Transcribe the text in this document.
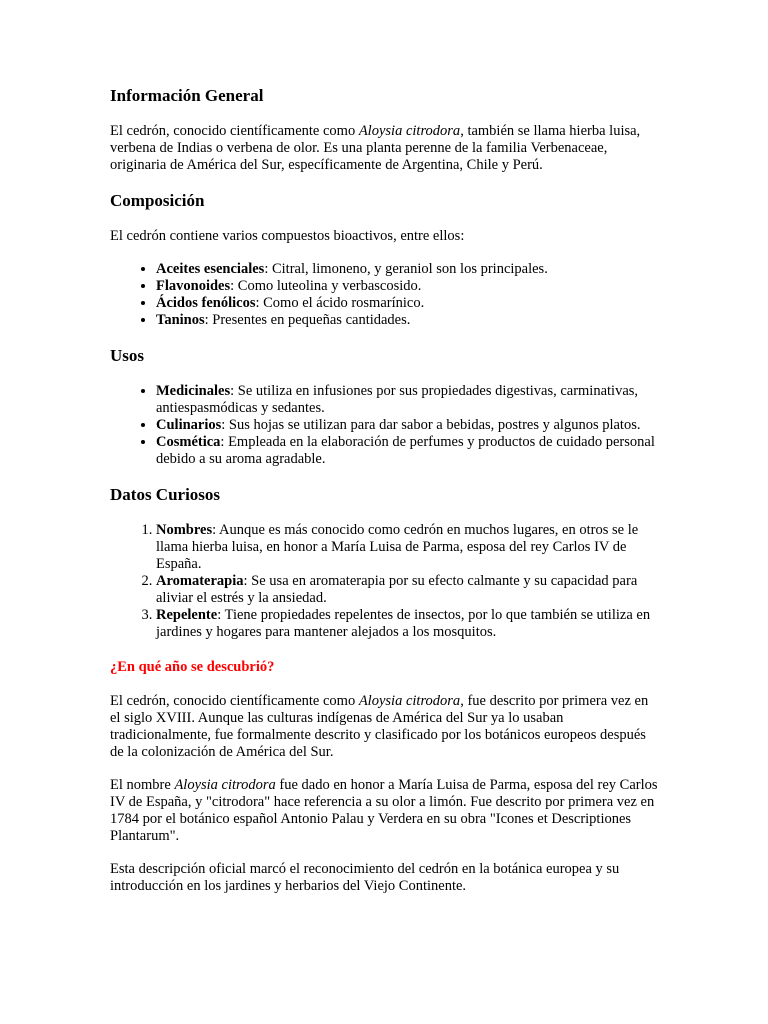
Información General

El cedrón, conocido científicamente como Aloysia citrodora, también se llama hierba luisa, verbena de Indias o verbena de olor. Es una planta perenne de la familia Verbenaceae, originaria de América del Sur, específicamente de Argentina, Chile y Perú.

Composición

El cedrón contiene varios compuestos bioactivos, entre ellos:

• Aceites esenciales: Citral, limoneno, y geraniol son los principales.
• Flavonoides: Como luteolina y verbascosido.
• Ácidos fenólicos: Como el ácido rosmarínico.
• Taninos: Presentes en pequeñas cantidades.
Usos
• Medicinales: Se utiliza en infusiones por sus propiedades digestivas, carminativas, antiespasmódicas y sedantes.
• Culinarios: Sus hojas se utilizan para dar sabor a bebidas, postres y algunos platos.
• Cosmética: Empleada en la elaboración de perfumes y productos de cuidado personal debido a su aroma agradable.
Datos Curiosos
1. Nombres: Aunque es más conocido como cedrón en muchos lugares, en otros se le llama hierba luisa, en honor a María Luisa de Parma, esposa del rey Carlos IV de España.
2. Aromaterapia: Se usa en aromaterapia por su efecto calmante y su capacidad para aliviar el estrés y la ansiedad.
3. Repelente: Tiene propiedades repelentes de insectos, por lo que también se utiliza en jardines y hogares para mantener alejados a los mosquitos.
¿En qué año se descubrió?

El cedrón, conocido científicamente como Aloysia citrodora, fue descrito por primera vez en el siglo XVIII. Aunque las culturas indígenas de América del Sur ya lo usaban tradicionalmente, fue formalmente descrito y clasificado por los botánicos europeos después de la colonización de América del Sur.

El nombre Aloysia citrodora fue dado en honor a María Luisa de Parma, esposa del rey Carlos IV de España, y "citrodora" hace referencia a su olor a limón. Fue descrito por primera vez en 1784 por el botánico español Antonio Palau y Verdera en su obra "Icones et Descriptiones Plantarum".

Esta descripción oficial marcó el reconocimiento del cedrón en la botánica europea y su introducción en los jardines y herbarios del Viejo Continente.
